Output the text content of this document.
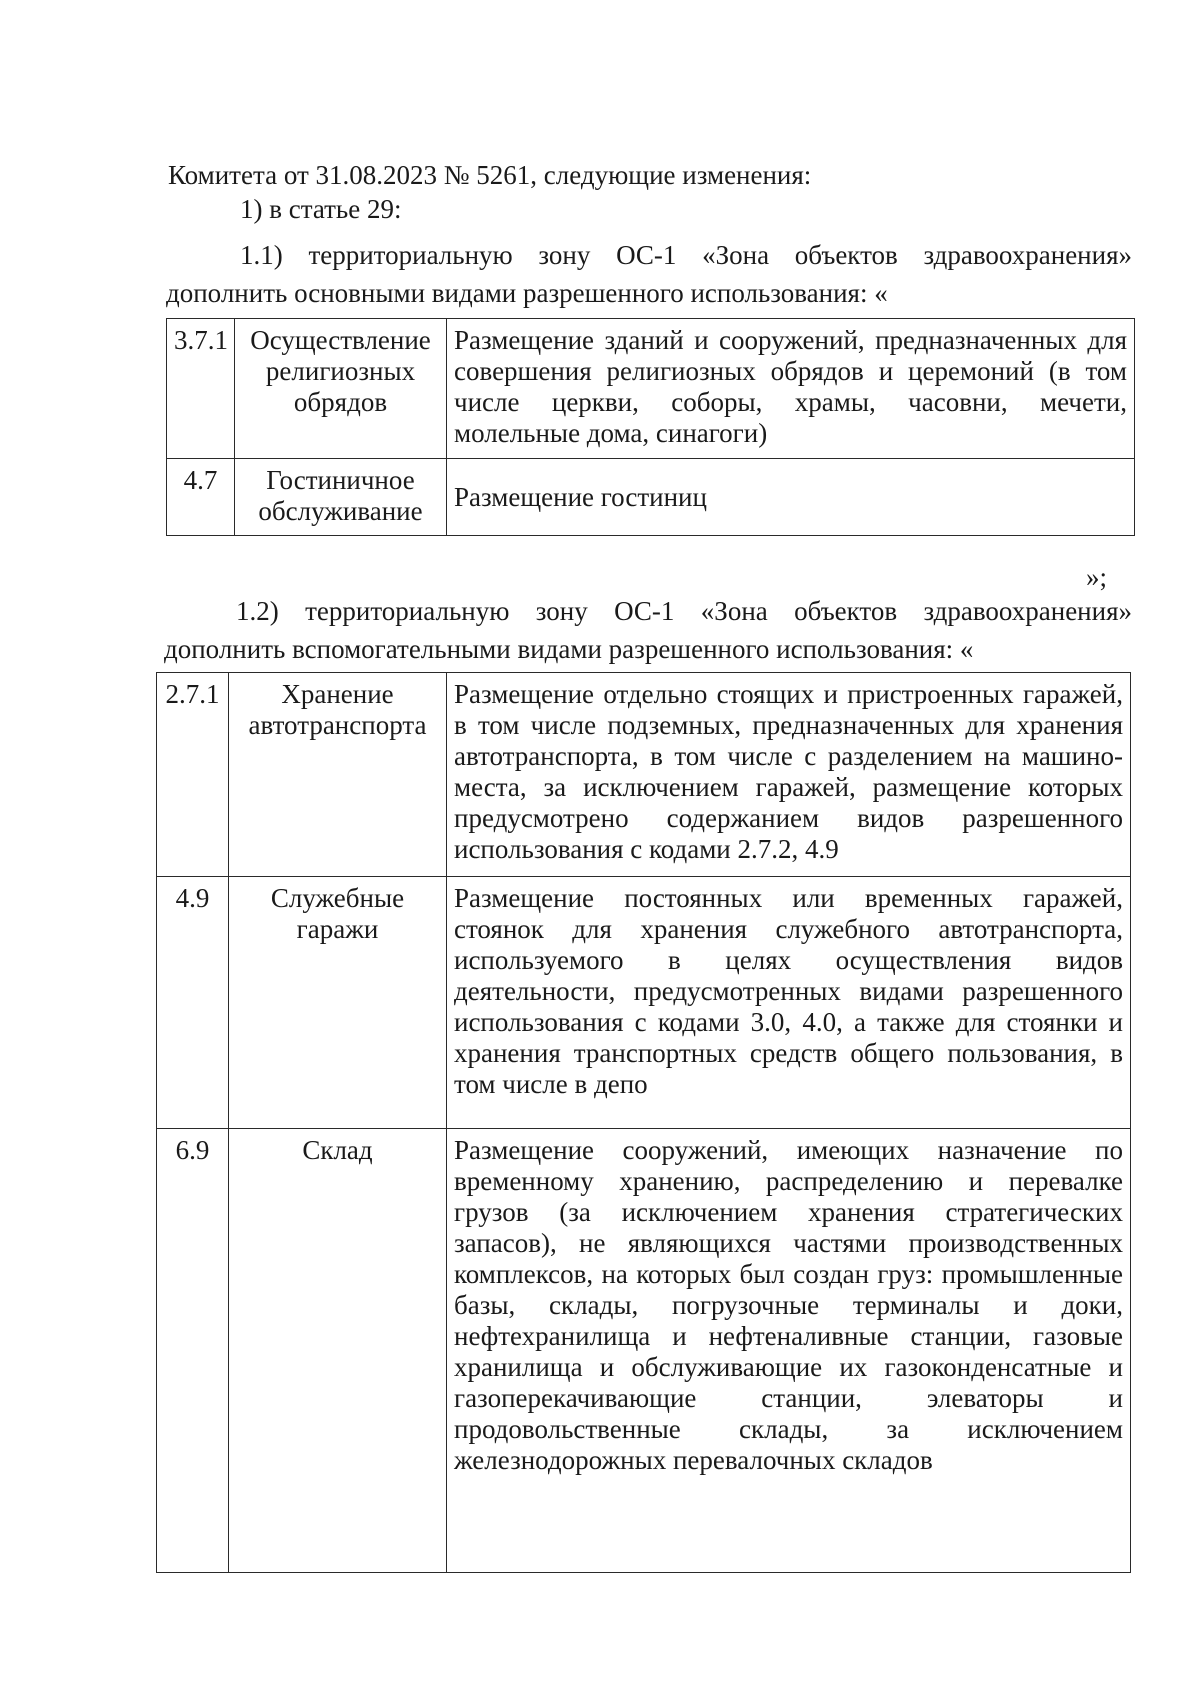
Комитета от 31.08.2023 № 5261, следующие изменения:
1) в статье 29:
1.1) территориальную зону ОС-1 «Зона объектов здравоохранения»
дополнить основными видами разрешенного использования: «
3.7.1	Осуществление религиозных обрядов	Размещение зданий и сооружений, предназначенных для совершения религиозных обрядов и церемоний (в том числе церкви, соборы, храмы, часовни, мечети, молельные дома, синагоги)

4.7	Гостиничное обслуживание	Размещение гостиниц

»;
1.2) территориальную зону ОС-1 «Зона объектов здравоохранения»
дополнить вспомогательными видами разрешенного использования: «
2.7.1	Хранение автотранспорта	Размещение отдельно стоящих и пристроенных гаражей, в том числе подземных, предназначенных для хранения автотранспорта, в том числе с разделением на машино-места, за исключением гаражей, размещение которых предусмотрено содержанием видов разрешенного использования с кодами 2.7.2, 4.9

4.9	Служебные гаражи	Размещение постоянных или временных гаражей, стоянок для хранения служебного автотранспорта, используемого в целях осуществления видов деятельности, предусмотренных видами разрешенного использования с кодами 3.0, 4.0, а также для стоянки и хранения транспортных средств общего пользования, в том числе в депо

6.9	Склад	Размещение сооружений, имеющих назначение по временному хранению, распределению и перевалке грузов (за исключением хранения стратегических запасов), не являющихся частями производственных комплексов, на которых был создан груз: промышленные базы, склады, погрузочные терминалы и доки, нефтехранилища и нефтеналивные станции, газовые хранилища и обслуживающие их газоконденсатные и газоперекачивающие станции, элеваторы и продовольственные склады, за исключением железнодорожных перевалочных складов
